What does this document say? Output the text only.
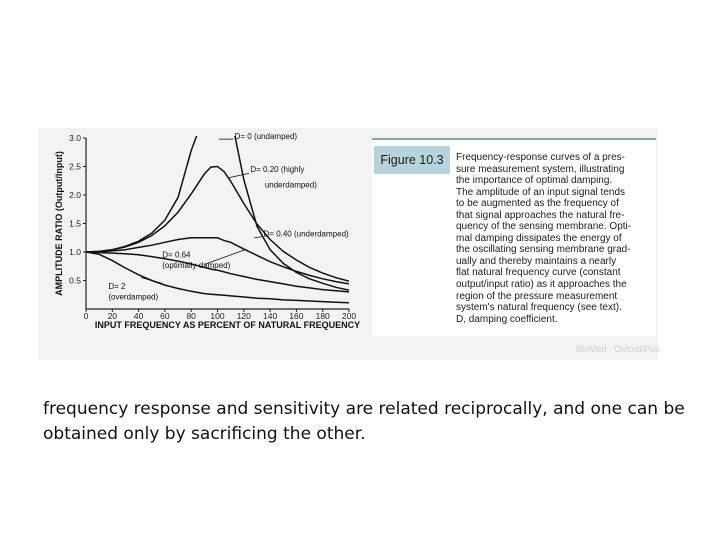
0 20 40 60 80 100 120 140 160 180 200
0.5
1.0
1.5
2.0
2.5
3.0
INPUT FREQUENCY AS PERCENT OF NATURAL FREQUENCY
AMPLITUDE RATIO (Output/Input)
D= 0 (undamped)
D= 0.20 (highly
underdamped)
D= 0.40 (underdamped)
D= 0.64
(optimally damped)
D= 2
(overdamped)
Figure 10.3	Frequency-response curves of a pres-
sure measurement system, illustrating
the importance of optimal damping.
The amplitude of an input signal tends
to be augmented as the frequency of
that signal approaches the natural fre-
quency of the sensing membrane. Opti-
mal damping dissipates the energy of
the oscillating sensing membrane grad-
ually and thereby maintains a nearly
flat natural frequency curve (constant
output/input ratio) as it approaches the
region of the pressure measurement
system's natural frequency (see text).
D, damping coefficient.
BioMed · Oxford/Pub
frequency response and sensitivity are related reciprocally, and one can be
obtained only by sacrificing the other.
